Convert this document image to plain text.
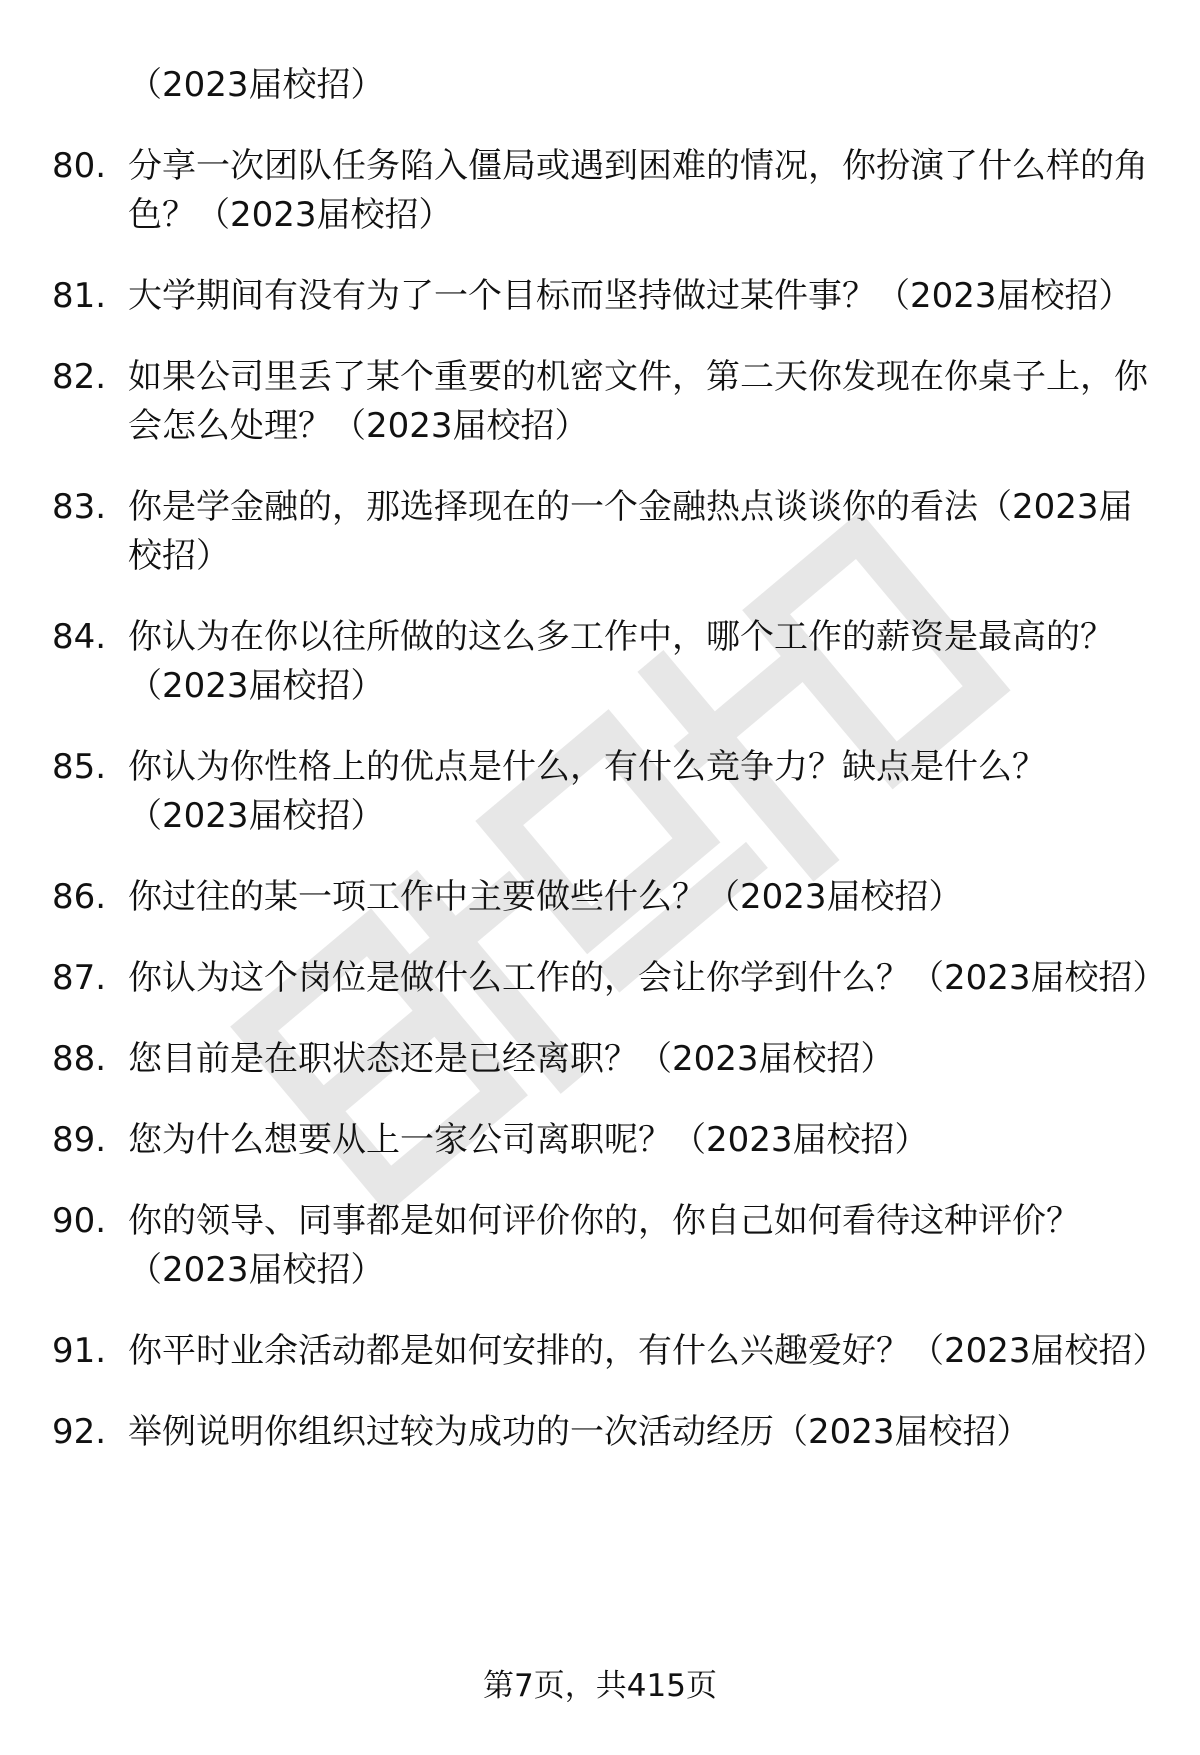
（2023届校招）
80. 分享一次团队任务陷入僵局或遇到困难的情况，你扮演了什么样的角色？（2023届校招）
81. 大学期间有没有为了一个目标而坚持做过某件事？（2023届校招）
82. 如果公司里丢了某个重要的机密文件，第二天你发现在你桌子上，你会怎么处理？（2023届校招）
83. 你是学金融的，那选择现在的一个金融热点谈谈你的看法（2023届校招）
84. 你认为在你以往所做的这么多工作中，哪个工作的薪资是最高的？（2023届校招）
85. 你认为你性格上的优点是什么，有什么竞争力？缺点是什么？（2023届校招）
86. 你过往的某一项工作中主要做些什么？（2023届校招）
87. 你认为这个岗位是做什么工作的，会让你学到什么？（2023届校招）
88. 您目前是在职状态还是已经离职？（2023届校招）
89. 您为什么想要从上一家公司离职呢？（2023届校招）
90. 你的领导、同事都是如何评价你的，你自己如何看待这种评价？（2023届校招）
91. 你平时业余活动都是如何安排的，有什么兴趣爱好？（2023届校招）
92. 举例说明你组织过较为成功的一次活动经历（2023届校招）
第7页，共415页
